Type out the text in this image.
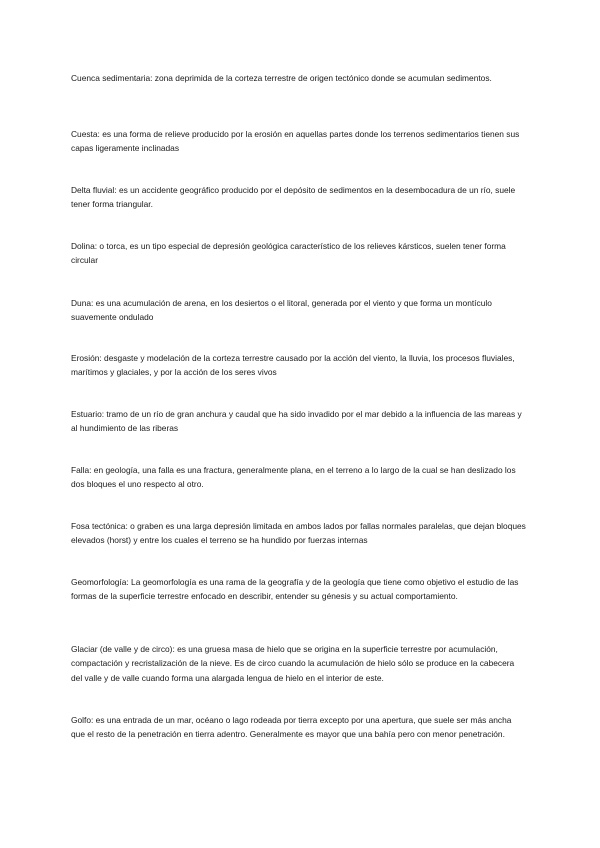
Cuenca sedimentaria: zona deprimida de la corteza terrestre de origen tectónico donde se acumulan sedimentos.

Cuesta: es una forma de relieve producido por la erosión en aquellas partes donde los terrenos sedimentarios tienen sus capas ligeramente inclinadas

Delta fluvial: es un accidente geográfico producido por el depósito de sedimentos en la desembocadura de un río, suele tener forma triangular.

Dolina: o torca, es un tipo especial de depresión geológica característico de los relieves kársticos, suelen tener forma circular

Duna: es una acumulación de arena, en los desiertos o el litoral, generada por el viento y que forma un montículo suavemente ondulado

Erosión: desgaste y modelación de la corteza terrestre causado por la acción del viento, la lluvia, los procesos fluviales, marítimos y glaciales, y por la acción de los seres vivos

Estuario: tramo de un río de gran anchura y caudal que ha sido invadido por el mar debido a la influencia de las mareas y al hundimiento de las riberas

Falla: en geología, una falla es una fractura, generalmente plana, en el terreno a lo largo de la cual se han deslizado los dos bloques el uno respecto al otro.

Fosa tectónica: o graben es una larga depresión limitada en ambos lados por fallas normales paralelas, que dejan bloques elevados (horst) y entre los cuales el terreno se ha hundido por fuerzas internas

Geomorfología: La geomorfología es una rama de la geografía y de la geología que tiene como objetivo el estudio de las formas de la superficie terrestre enfocado en describir, entender su génesis y su actual comportamiento.

Glaciar (de valle y de circo): es una gruesa masa de hielo que se origina en la superficie terrestre por acumulación, compactación y recristalización de la nieve. Es de circo cuando la acumulación de hielo sólo se produce en la cabecera del valle y de valle cuando forma una alargada lengua de hielo en el interior de este.

Golfo: es una entrada de un mar, océano o lago rodeada por tierra excepto por una apertura, que suele ser más ancha que el resto de la penetración en tierra adentro. Generalmente es mayor que una bahía pero con menor penetración.
